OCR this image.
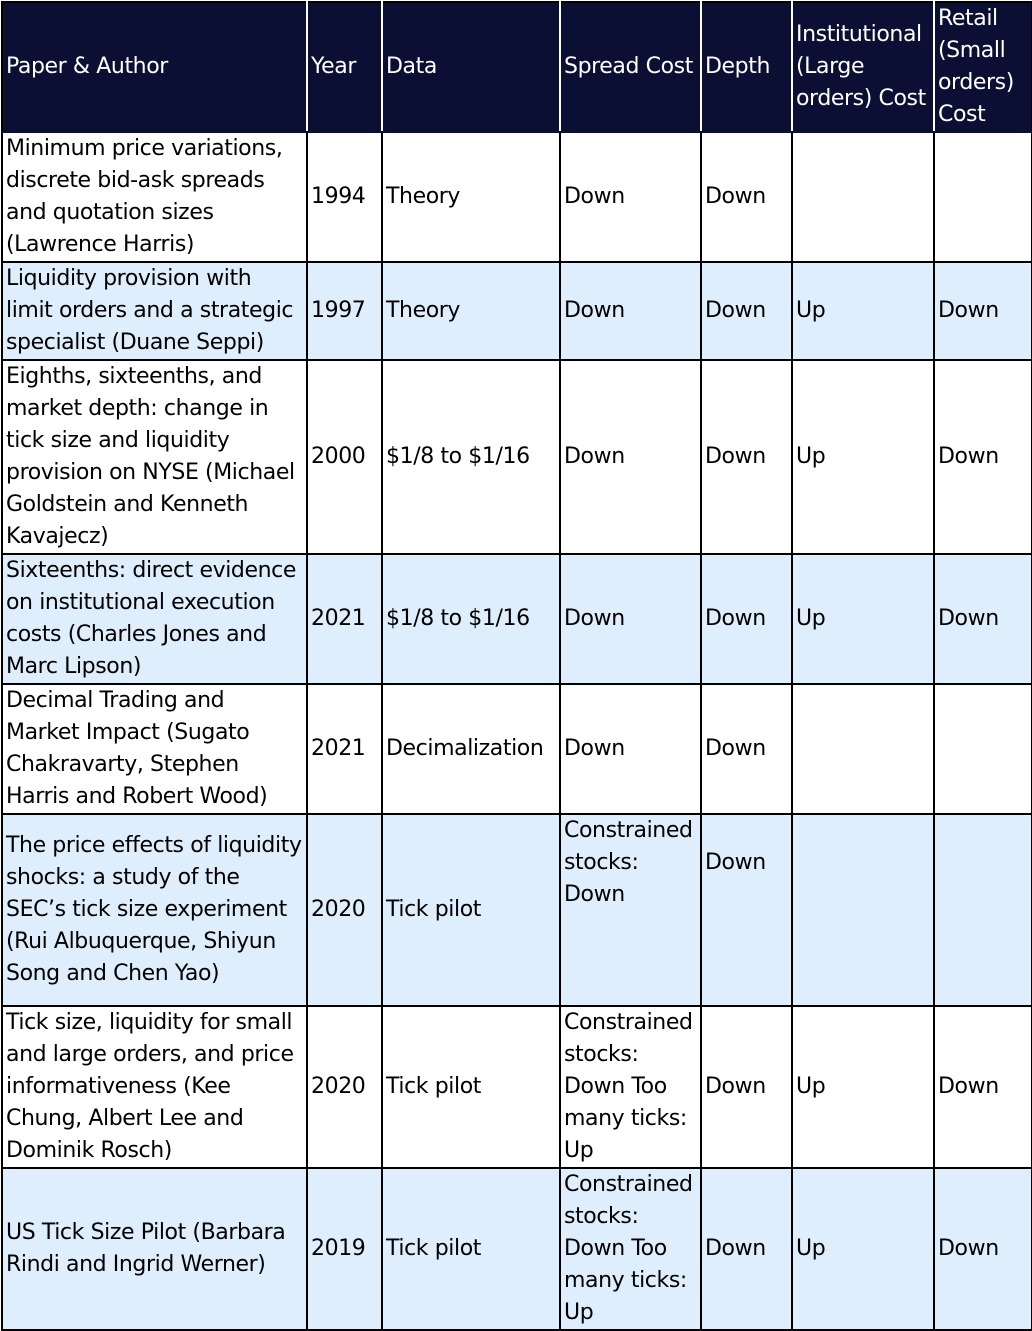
Paper & Author	Year	Data	Spread Cost	Depth	Institutional (Large orders) Cost	Retail (Small orders) Cost
Minimum price variations, discrete bid-ask spreads and quotation sizes (Lawrence Harris)	1994	Theory	Down	Down		
Liquidity provision with limit orders and a strategic specialist (Duane Seppi)	1997	Theory	Down	Down	Up	Down
Eighths, sixteenths, and market depth: change in tick size and liquidity provision on NYSE (Michael Goldstein and Kenneth Kavajecz)	2000	$1/8 to $1/16	Down	Down	Up	Down
Sixteenths: direct evidence on institutional execution costs (Charles Jones and Marc Lipson)	2021	$1/8 to $1/16	Down	Down	Up	Down
Decimal Trading and Market Impact (Sugato Chakravarty, Stephen Harris and Robert Wood)	2021	Decimalization	Down	Down		
The price effects of liquidity shocks: a study of the SEC’s tick size experiment (Rui Albuquerque, Shiyun Song and Chen Yao)	2020	Tick pilot	Constrained stocks: Down	Down		
Tick size, liquidity for small and large orders, and price informativeness (Kee Chung, Albert Lee and Dominik Rosch)	2020	Tick pilot	Constrained stocks: Down Too many ticks: Up	Down	Up	Down
US Tick Size Pilot (Barbara Rindi and Ingrid Werner)	2019	Tick pilot	Constrained stocks: Down Too many ticks: Up	Down	Up	Down
